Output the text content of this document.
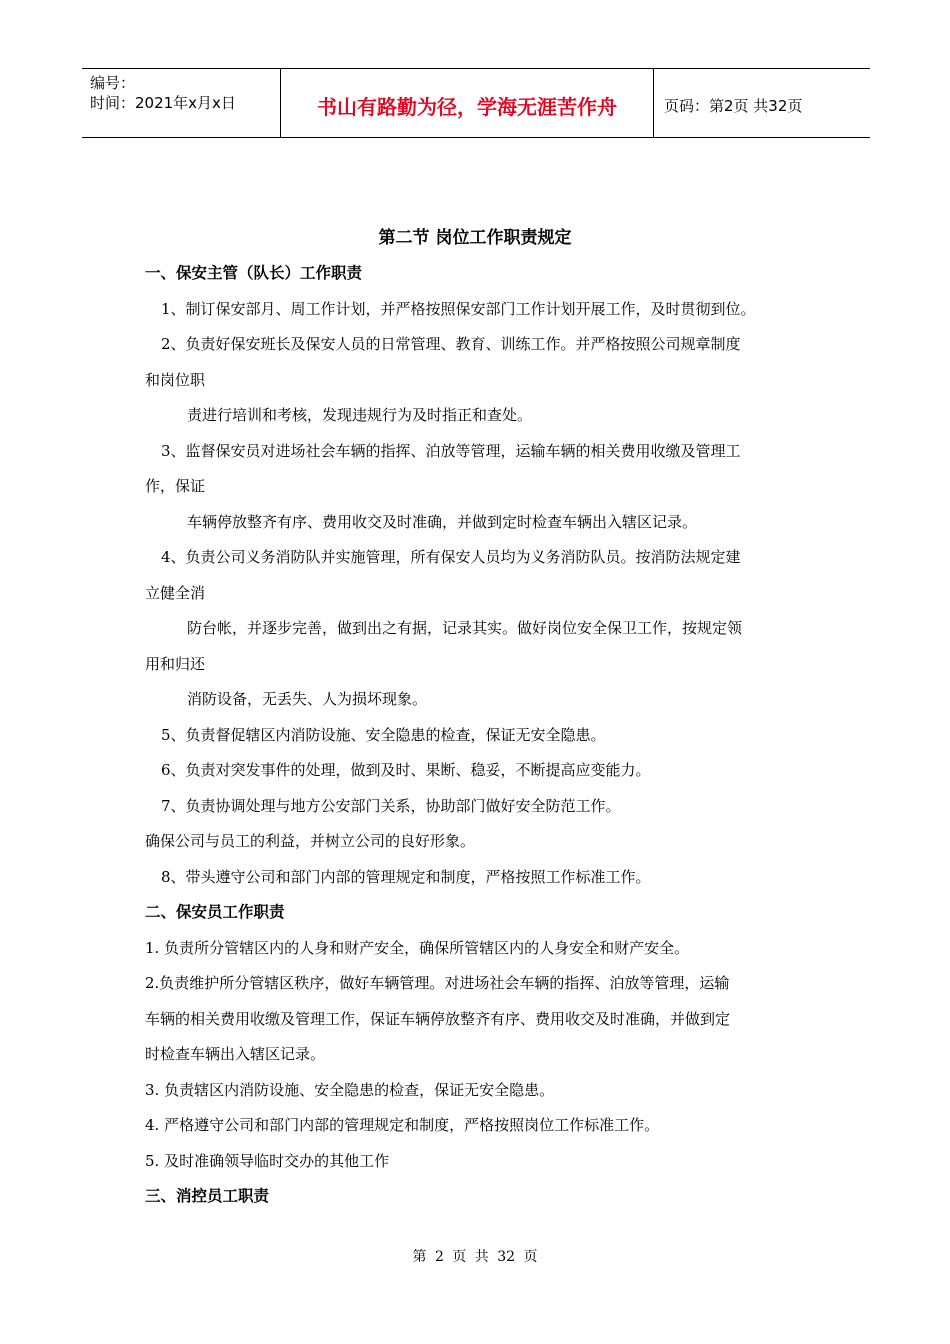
编号：
时间：2021年x月x日	书山有路勤为径，学海无涯苦作舟	页码：第2页 共32页
第二节 岗位工作职责规定
一、保安主管（队长）工作职责
1、制订保安部月、周工作计划，并严格按照保安部门工作计划开展工作，及时贯彻到位。
2、负责好保安班长及保安人员的日常管理、教育、训练工作。并严格按照公司规章制度
和岗位职
责进行培训和考核，发现违规行为及时指正和查处。
3、监督保安员对进场社会车辆的指挥、泊放等管理，运输车辆的相关费用收缴及管理工
作，保证
车辆停放整齐有序、费用收交及时准确，并做到定时检查车辆出入辖区记录。
4、负责公司义务消防队并实施管理，所有保安人员均为义务消防队员。按消防法规定建
立健全消
防台帐，并逐步完善，做到出之有据，记录其实。做好岗位安全保卫工作，按规定领
用和归还
消防设备，无丢失、人为损坏现象。
5、负责督促辖区内消防设施、安全隐患的检查，保证无安全隐患。
6、负责对突发事件的处理，做到及时、果断、稳妥，不断提高应变能力。
7、负责协调处理与地方公安部门关系，协助部门做好安全防范工作。
确保公司与员工的利益，并树立公司的良好形象。
8、带头遵守公司和部门内部的管理规定和制度，严格按照工作标准工作。
二、保安员工作职责
1. 负责所分管辖区内的人身和财产安全，确保所管辖区内的人身安全和财产安全。
2.负责维护所分管辖区秩序，做好车辆管理。对进场社会车辆的指挥、泊放等管理，运输
车辆的相关费用收缴及管理工作，保证车辆停放整齐有序、费用收交及时准确，并做到定
时检查车辆出入辖区记录。
3. 负责辖区内消防设施、安全隐患的检查，保证无安全隐患。
4. 严格遵守公司和部门内部的管理规定和制度，严格按照岗位工作标准工作。
5. 及时准确领导临时交办的其他工作
三、消控员工职责
第 2 页 共 32 页
